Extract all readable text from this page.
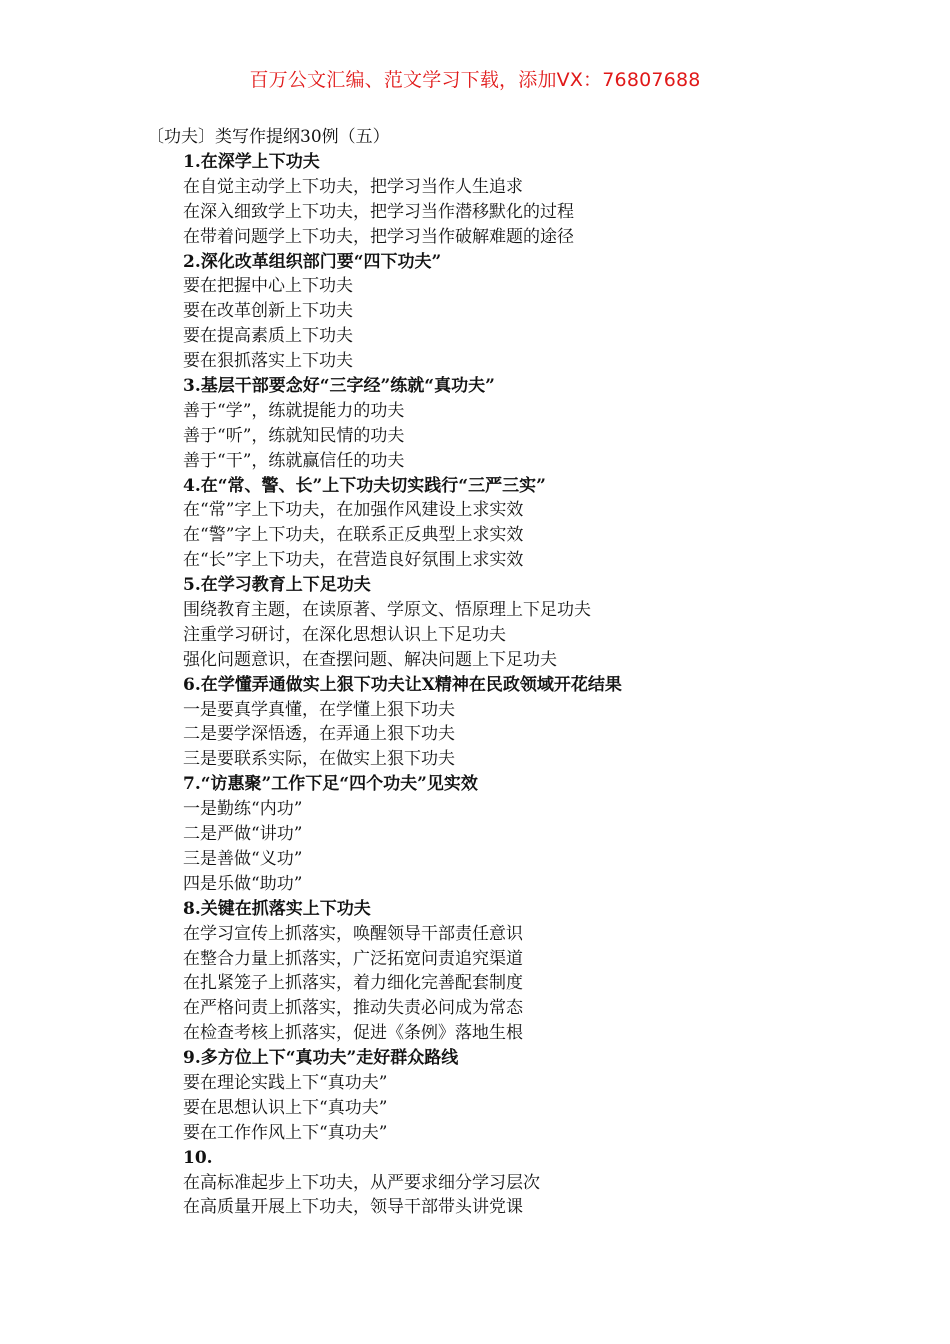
百万公文汇编、范文学习下载，添加VX：76807688
〔功夫〕类写作提纲30例（五）
1.在深学上下功夫
在自觉主动学上下功夫，把学习当作人生追求
在深入细致学上下功夫，把学习当作潜移默化的过程
在带着问题学上下功夫，把学习当作破解难题的途径
2.深化改革组织部门要“四下功夫”
要在把握中心上下功夫
要在改革创新上下功夫
要在提高素质上下功夫
要在狠抓落实上下功夫
3.基层干部要念好“三字经”练就“真功夫”
善于“学”，练就提能力的功夫
善于“听”，练就知民情的功夫
善于“干”，练就赢信任的功夫
4.在“常、警、长”上下功夫切实践行“三严三实”
在“常”字上下功夫，在加强作风建设上求实效
在“警”字上下功夫，在联系正反典型上求实效
在“长”字上下功夫，在营造良好氛围上求实效
5.在学习教育上下足功夫
围绕教育主题，在读原著、学原文、悟原理上下足功夫
注重学习研讨，在深化思想认识上下足功夫
强化问题意识，在查摆问题、解决问题上下足功夫
6.在学懂弄通做实上狠下功夫让X精神在民政领域开花结果
一是要真学真懂，在学懂上狠下功夫
二是要学深悟透，在弄通上狠下功夫
三是要联系实际，在做实上狠下功夫
7.“访惠聚”工作下足“四个功夫”见实效
一是勤练“内功”
二是严做“讲功”
三是善做“义功”
四是乐做“助功”
8.关键在抓落实上下功夫
在学习宣传上抓落实，唤醒领导干部责任意识
在整合力量上抓落实，广泛拓宽问责追究渠道
在扎紧笼子上抓落实，着力细化完善配套制度
在严格问责上抓落实，推动失责必问成为常态
在检查考核上抓落实，促进《条例》落地生根
9.多方位上下“真功夫”走好群众路线
要在理论实践上下“真功夫”
要在思想认识上下“真功夫”
要在工作作风上下“真功夫”
10.
在高标准起步上下功夫，从严要求细分学习层次
在高质量开展上下功夫，领导干部带头讲党课
